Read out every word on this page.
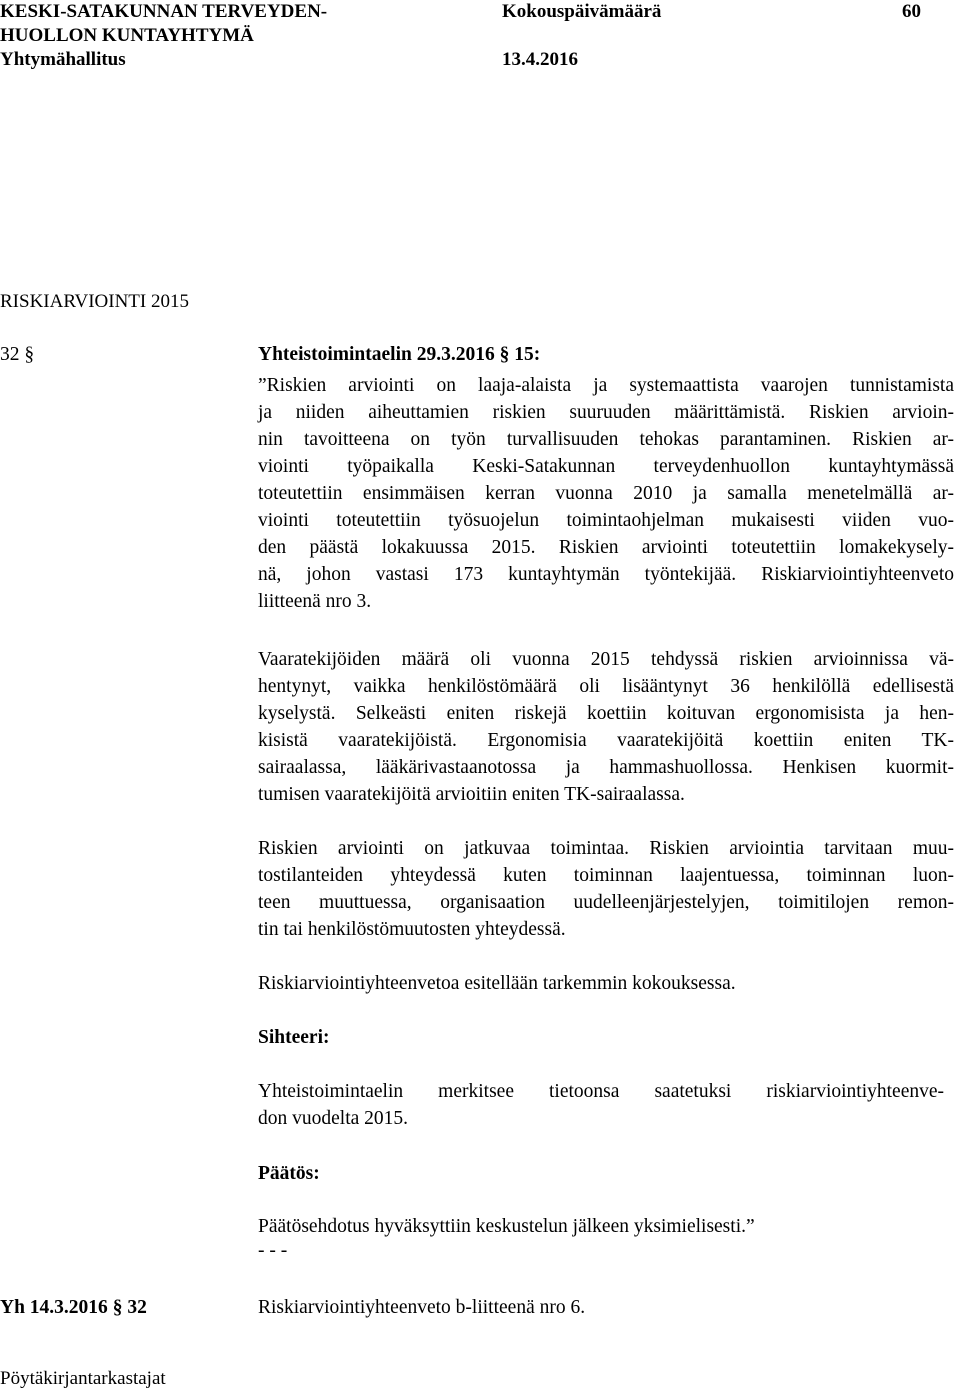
KESKI-SATAKUNNAN TERVEYDEN-
HUOLLON KUNTAYHTYMÄ
Yhtymähallitus
Kokouspäivämäärä
13.4.2016
60
RISKIARVIOINTI 2015
32 §	Yhteistoimintaelin 29.3.2016 § 15:
”Riskien arviointi on laaja-alaista ja systemaattista vaarojen tunnistamista
ja niiden aiheuttamien riskien suuruuden määrittämistä. Riskien arvioin-
nin tavoitteena on työn turvallisuuden tehokas parantaminen. Riskien ar-
viointi työpaikalla Keski-Satakunnan terveydenhuollon kuntayhtymässä
toteutettiin ensimmäisen kerran vuonna 2010 ja samalla menetelmällä ar-
viointi toteutettiin työsuojelun toimintaohjelman mukaisesti viiden vuo-
den päästä lokakuussa 2015. Riskien arviointi toteutettiin lomakekysely-
nä, johon vastasi 173 kuntayhtymän työntekijää. Riskiarviointiyhteenveto
liitteenä nro 3.
Vaaratekijöiden määrä oli vuonna 2015 tehdyssä riskien arvioinnissa vä-
hentynyt, vaikka henkilöstömäärä oli lisääntynyt 36 henkilöllä edellisestä
kyselystä. Selkeästi eniten riskejä koettiin koituvan ergonomisista ja hen-
kisistä vaaratekijöistä. Ergonomisia vaaratekijöitä koettiin eniten TK-
sairaalassa, lääkärivastaanotossa ja hammashuollossa. Henkisen kuormit-
tumisen vaaratekijöitä arvioitiin eniten TK-sairaalassa.
Riskien arviointi on jatkuvaa toimintaa. Riskien arviointia tarvitaan muu-
tostilanteiden yhteydessä kuten toiminnan laajentuessa, toiminnan luon-
teen muuttuessa, organisaation uudelleenjärjestelyjen, toimitilojen remon-
tin tai henkilöstömuutosten yhteydessä.
Riskiarviointiyhteenvetoa esitellään tarkemmin kokouksessa.
Sihteeri:
Yhteistoimintaelin merkitsee tietoonsa saatetuksi riskiarviointiyhteenve-
don vuodelta 2015.
Päätös:
Päätösehdotus hyväksyttiin keskustelun jälkeen yksimielisesti.”
- - -
Yh 14.3.2016 § 32	Riskiarviointiyhteenveto b-liitteenä nro 6.
Pöytäkirjantarkastajat
